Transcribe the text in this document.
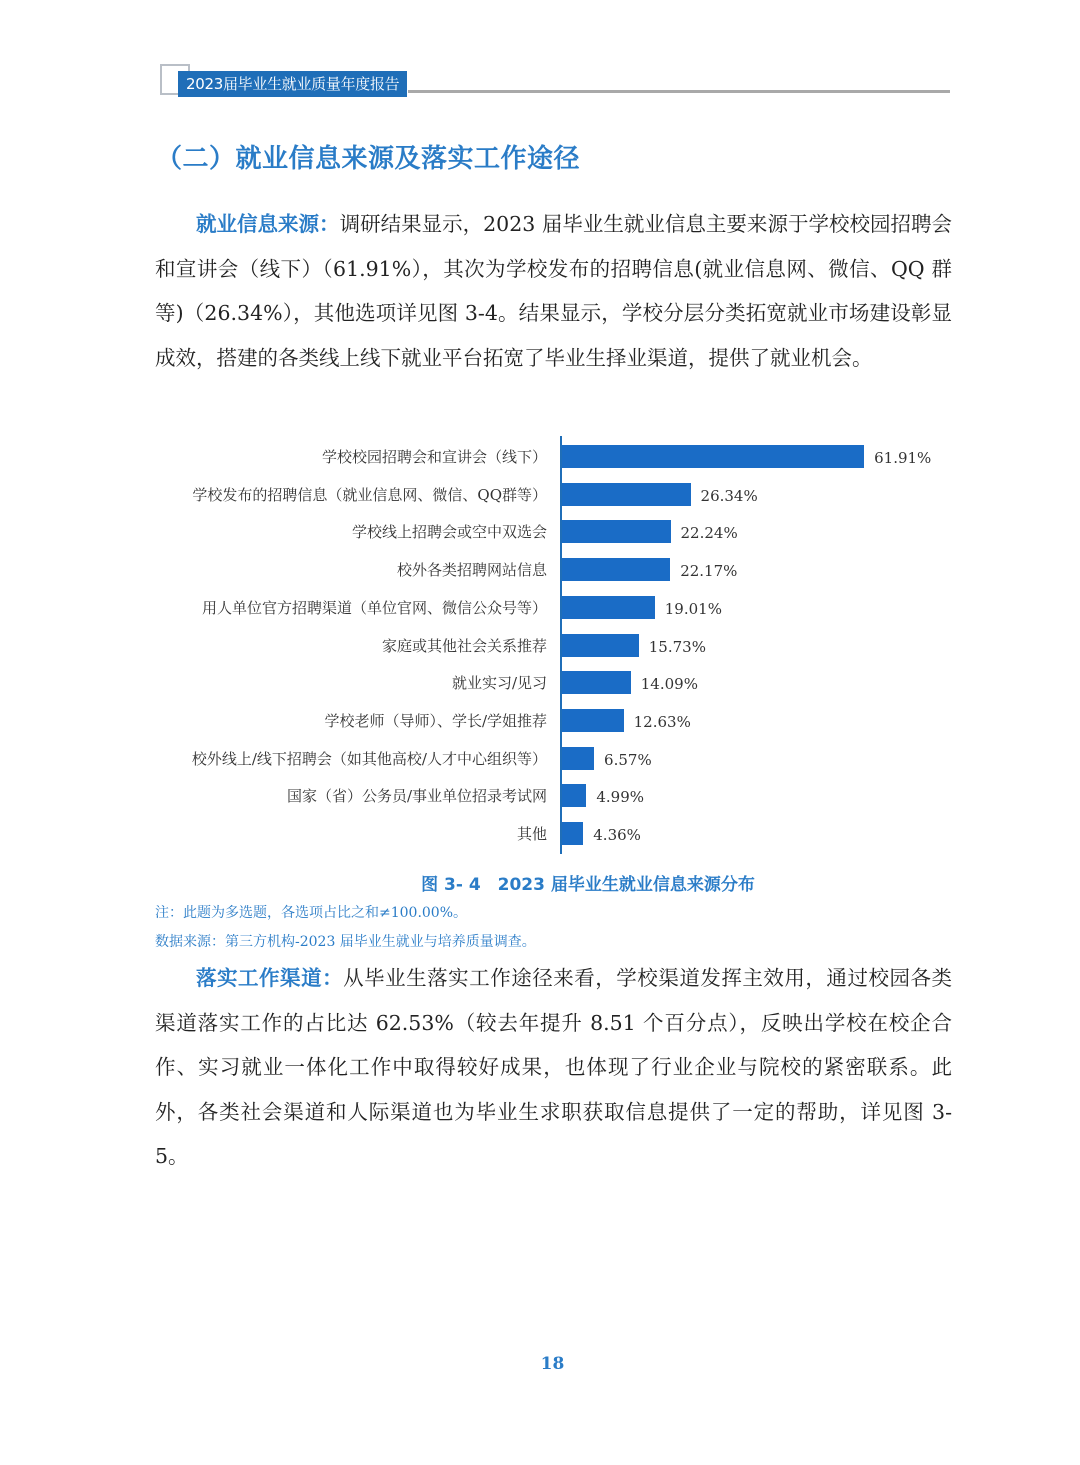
2023届毕业生就业质量年度报告
（二）就业信息来源及落实工作途径

就业信息来源：调研结果显示，2023 届毕业生就业信息主要来源于学校校园招聘会和宣讲会（线下）（61.91%），其次为学校发布的招聘信息(就业信息网、微信、QQ 群等)（26.34%），其他选项详见图 3-4。结果显示，学校分层分类拓宽就业市场建设彰显成效，搭建的各类线上线下就业平台拓宽了毕业生择业渠道，提供了就业机会。

学校校园招聘会和宣讲会（线下）	61.91%
学校发布的招聘信息（就业信息网、微信、QQ群等）	26.34%
学校线上招聘会或空中双选会	22.24%
校外各类招聘网站信息	22.17%
用人单位官方招聘渠道（单位官网、微信公众号等）	19.01%
家庭或其他社会关系推荐	15.73%
就业实习/见习	14.09%
学校老师（导师）、学长/学姐推荐	12.63%
校外线上/线下招聘会（如其他高校/人才中心组织等）	6.57%
国家（省）公务员/事业单位招录考试网	4.99%
其他	4.36%
图 3- 4　2023 届毕业生就业信息来源分布
注：此题为多选题，各选项占比之和≠100.00%。
数据来源：第三方机构-2023 届毕业生就业与培养质量调查。

落实工作渠道：从毕业生落实工作途径来看，学校渠道发挥主效用，通过校园各类渠道落实工作的占比达 62.53%（较去年提升 8.51 个百分点），反映出学校在校企合作、实习就业一体化工作中取得较好成果，也体现了行业企业与院校的紧密联系。此外，各类社会渠道和人际渠道也为毕业生求职获取信息提供了一定的帮助，详见图 3-5。

18
